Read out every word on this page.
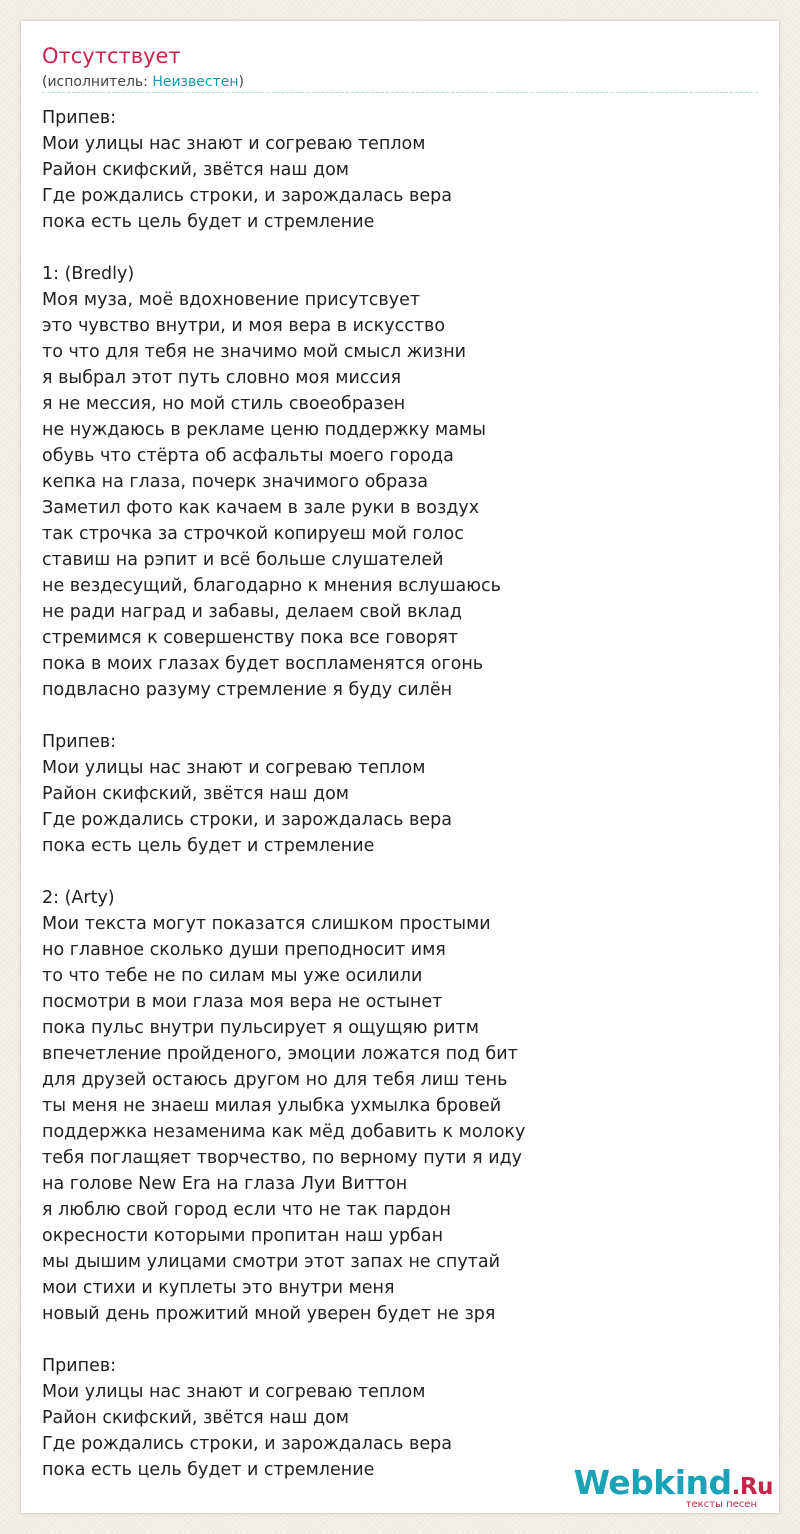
Отсутствует
(исполнитель: Неизвестен)
Припев:
Мои улицы нас знают и согреваю теплом
Район скифский, звётся наш дом
Где рождались строки, и зарождалась вера
пока есть цель будет и стремление
1: (Bredly)
Моя муза, моё вдохновение присутсвует
это чувство внутри, и моя вера в искусство
то что для тебя не значимо мой смысл жизни
я выбрал этот путь словно моя миссия
я не мессия, но мой стиль своеобразен
не нуждаюсь в рекламе ценю поддержку мамы
обувь что стёрта об асфальты моего города
кепка на глаза, почерк значимого образа
Заметил фото как качаем в зале руки в воздух
так строчка за строчкой копируеш мой голос
ставиш на рэпит и всё больше слушателей
не вездесущий, благодарно к мнения вслушаюсь
не ради наград и забавы, делаем свой вклад
стремимся к совершенству пока все говорят
пока в моих глазах будет воспламенятся огонь
подвласно разуму стремление я буду силён
Припев:
Мои улицы нас знают и согреваю теплом
Район скифский, звётся наш дом
Где рождались строки, и зарождалась вера
пока есть цель будет и стремление
2: (Arty)
Мои текста могут показатся слишком простыми
но главное сколько души преподносит имя
то что тебе не по силам мы уже осилили
посмотри в мои глаза моя вера не остынет
пока пульс внутри пульсирует я ощущяю ритм
впечетление пройденого, эмоции ложатся под бит
для друзей остаюсь другом но для тебя лиш тень
ты меня не знаеш милая улыбка ухмылка бровей
поддержка незаменима как мёд добавить к молоку
тебя поглащяет творчество, по верному пути я иду
на голове New Era на глаза Луи Виттон
я люблю свой город если что не так пардон
окресности которыми пропитан наш урбан
мы дышим улицами смотри этот запах не спутай
мои стихи и куплеты это внутри меня
новый день прожитий мной уверен будет не зря
Припев:
Мои улицы нас знают и согреваю теплом
Район скифский, звётся наш дом
Где рождались строки, и зарождалась вера
пока есть цель будет и стремление	Webkind.Ru
тексты песен
